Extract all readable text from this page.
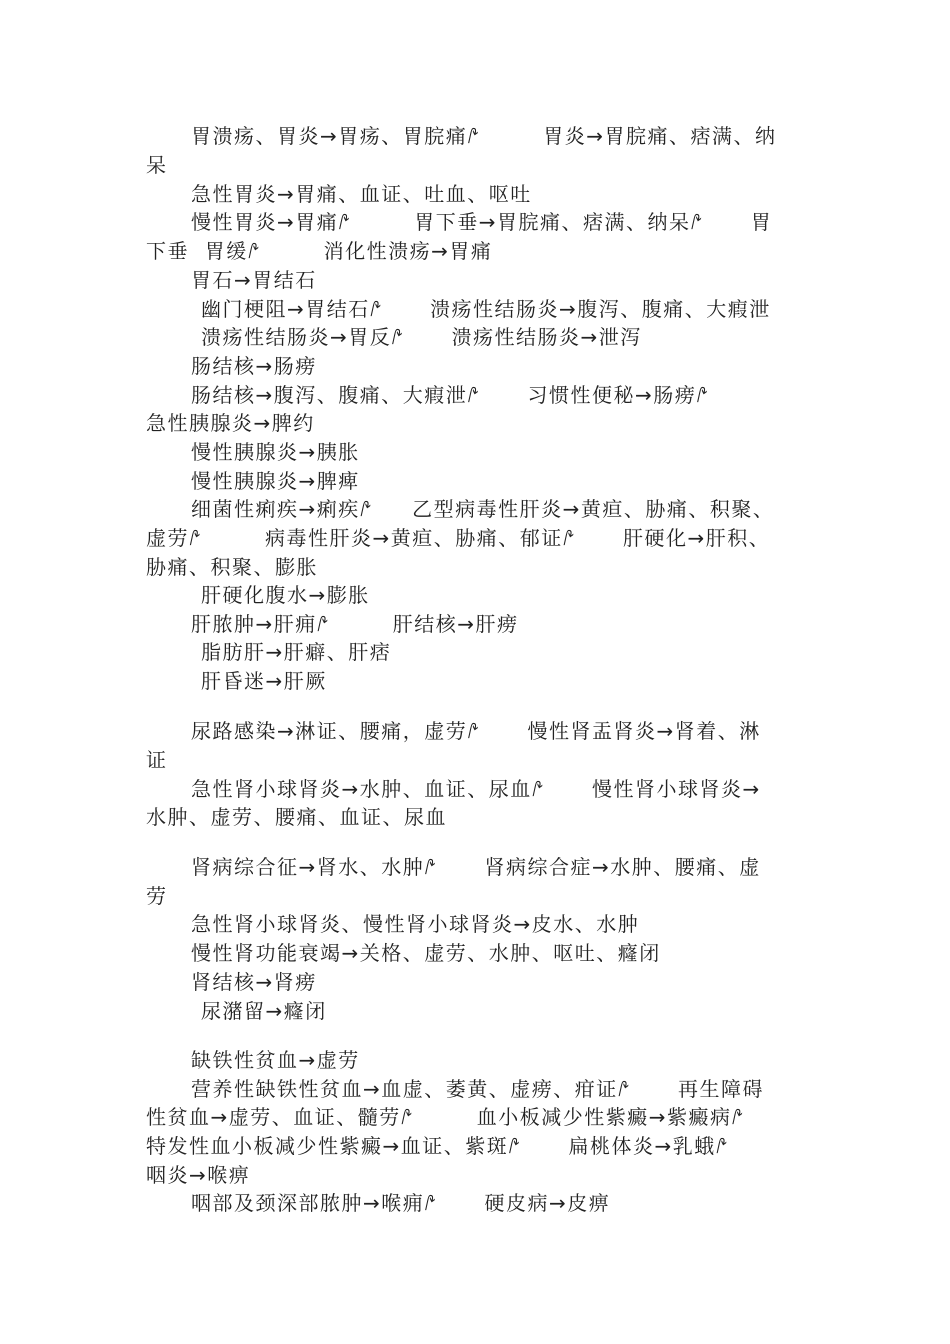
胃溃疡、胃炎→胃疡、胃脘痛⭚        胃炎→胃脘痛、痞满、纳
呆
急性胃炎→胃痛、血证、吐血、呕吐
慢性胃炎→胃痛⭚        胃下垂→胃脘痛、痞满、纳呆⭚      胃
下垂  胃缓⭚        消化性溃疡→胃痛
胃石→胃结石
幽门梗阻→胃结石⭚      溃疡性结肠炎→腹泻、腹痛、大瘕泄
溃疡性结肠炎→胃反⭚      溃疡性结肠炎→泄泻
肠结核→肠痨
肠结核→腹泻、腹痛、大瘕泄⭚      习惯性便秘→肠痨⭚
急性胰腺炎→脾约
慢性胰腺炎→胰胀
慢性胰腺炎→脾痺
细菌性痢疾→痢疾⭚     乙型病毒性肝炎→黄疸、胁痛、积聚、
虚劳⭚        病毒性肝炎→黄疸、胁痛、郁证⭚      肝硬化→肝积、
胁痛、积聚、膨胀
肝硬化腹水→膨胀
肝脓肿→肝痈⭚        肝结核→肝痨
脂肪肝→肝癖、肝痞
肝昏迷→肝厥
尿路感染→淋证、腰痛，虚劳⭚      慢性肾盂肾炎→肾着、淋
证
急性肾小球肾炎→水肿、血证、尿血⭚      慢性肾小球肾炎→
水肿、虚劳、腰痛、血证、尿血
肾病综合征→肾水、水肿⭚      肾病综合症→水肿、腰痛、虚
劳
急性肾小球肾炎、慢性肾小球肾炎→皮水、水肿
慢性肾功能衰竭→关格、虚劳、水肿、呕吐、癃闭
肾结核→肾痨
尿潴留→癃闭
缺铁性贫血→虚劳
营养性缺铁性贫血→血虚、萎黄、虚痨、疳证⭚      再生障碍
性贫血→虚劳、血证、髓劳⭚        血小板减少性紫癜→紫癜病⭚
特发性血小板减少性紫癜→血证、紫斑⭚      扁桃体炎→乳蛾⭚
咽炎→喉痹
咽部及颈深部脓肿→喉痈⭚      硬皮病→皮痹
